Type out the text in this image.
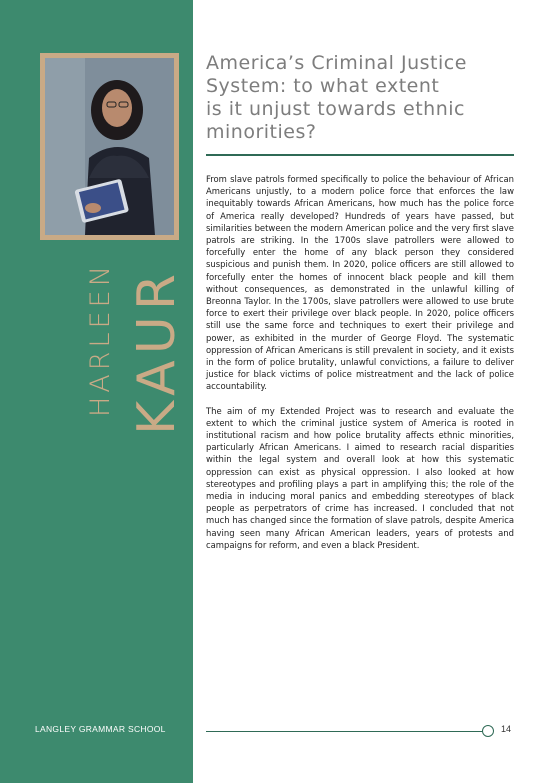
HARLEEN KAUR
LANGLEY GRAMMAR SCHOOL
America’s Criminal Justice
System: to what extent
is it unjust towards ethnic
minorities?

From slave patrols formed specifically to police the behaviour of African Americans unjustly, to a modern police force that enforces the law inequitably towards African Americans, how much has the police force of America really developed? Hundreds of years have passed, but similarities between the modern American police and the very first slave patrols are striking. In the 1700s slave patrollers were allowed to forcefully enter the home of any black person they considered suspicious and punish them. In 2020, police officers are still allowed to forcefully enter the homes of innocent black people and kill them without consequences, as demonstrated in the unlawful killing of Breonna Taylor. In the 1700s, slave patrollers were allowed to use brute force to exert their privilege over black people. In 2020, police officers still use the same force and techniques to exert their privilege and power, as exhibited in the murder of George Floyd. The systematic oppression of African Americans is still prevalent in society, and it exists in the form of police brutality, unlawful convictions, a failure to deliver justice for black victims of police mistreatment and the lack of police accountability.

The aim of my Extended Project was to research and evaluate the extent to which the criminal justice system of America is rooted in institutional racism and how police brutality affects ethnic minorities, particularly African Americans. I aimed to research racial disparities within the legal system and overall look at how this systematic oppression can exist as physical oppression. I also looked at how stereotypes and profiling plays a part in amplifying this; the role of the media in inducing moral panics and embedding stereotypes of black people as perpetrators of crime has increased. I concluded that not much has changed since the formation of slave patrols, despite America having seen many African American leaders, years of protests and campaigns for reform, and even a black President.

14
